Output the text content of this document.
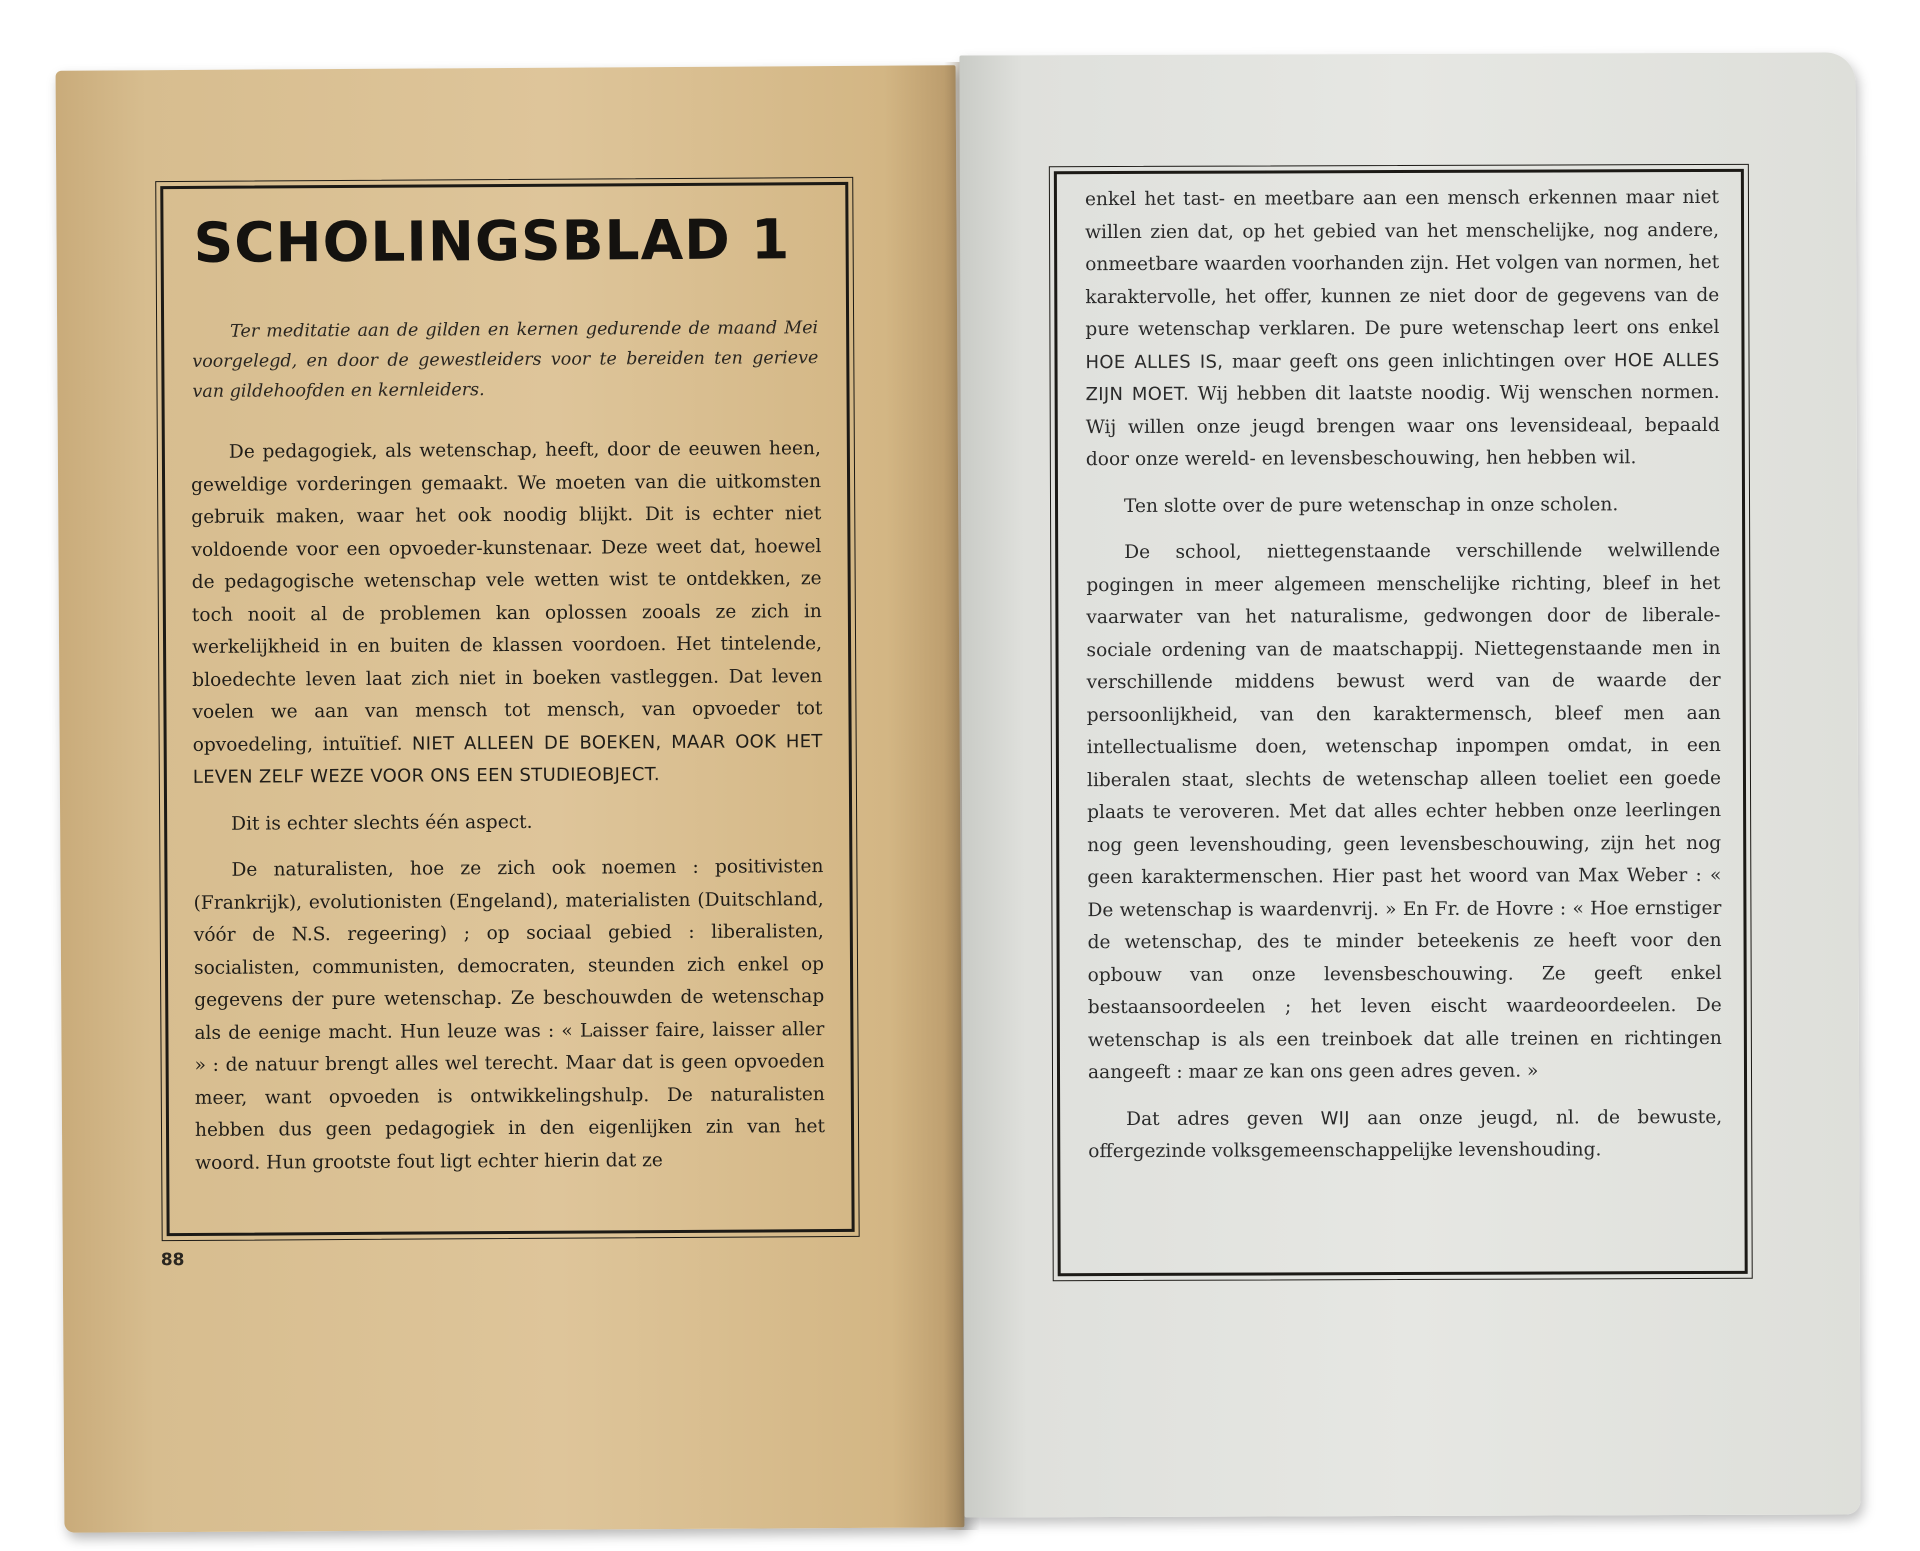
SCHOLINGSBLAD 1
Ter meditatie aan de gilden en kernen gedurende de maand Mei voorgelegd, en door de gewestleiders voor te bereiden ten gerieve van gildehoofden en kernleiders.

De pedagogiek, als wetenschap, heeft, door de eeuwen heen, geweldige vorderingen gemaakt. We moeten van die uitkomsten gebruik maken, waar het ook noodig blijkt. Dit is echter niet voldoende voor een opvoeder-kunstenaar. Deze weet dat, hoewel de pedagogische wetenschap vele wetten wist te ontdekken, ze toch nooit al de problemen kan oplossen zooals ze zich in werkelijkheid in en buiten de klassen voordoen. Het tintelende, bloedechte leven laat zich niet in boeken vastleggen. Dat leven voelen we aan van mensch tot mensch, van opvoeder tot opvoedeling, intuïtief. NIET ALLEEN DE BOEKEN, MAAR OOK HET LEVEN ZELF WEZE VOOR ONS EEN STUDIEOBJECT.

Dit is echter slechts één aspect.

De naturalisten, hoe ze zich ook noemen : positivisten (Frankrijk), evolutionisten (Engeland), materialisten (Duitschland, vóór de N.S. regeering) ; op sociaal gebied : liberalisten, socialisten, communisten, democraten, steunden zich enkel op gegevens der pure wetenschap. Ze beschouwden de wetenschap als de eenige macht. Hun leuze was : « Laisser faire, laisser aller » : de natuur brengt alles wel terecht. Maar dat is geen opvoeden meer, want opvoeden is ontwikkelingshulp. De naturalisten hebben dus geen pedagogiek in den eigenlijken zin van het woord. Hun grootste fout ligt echter hierin dat ze

88

enkel het tast- en meetbare aan een mensch erkennen maar niet willen zien dat, op het gebied van het menschelijke, nog andere, onmeetbare waarden voorhanden zijn. Het volgen van normen, het karaktervolle, het offer, kunnen ze niet door de gegevens van de pure wetenschap verklaren. De pure wetenschap leert ons enkel HOE ALLES IS, maar geeft ons geen inlichtingen over HOE ALLES ZIJN MOET. Wij hebben dit laatste noodig. Wij wenschen normen. Wij willen onze jeugd brengen waar ons levensideaal, bepaald door onze wereld- en levensbeschouwing, hen hebben wil.

Ten slotte over de pure wetenschap in onze scholen.

De school, niettegenstaande verschillende welwillende pogingen in meer algemeen menschelijke richting, bleef in het vaarwater van het naturalisme, gedwongen door de liberale-sociale ordening van de maatschappij. Niettegenstaande men in verschillende middens bewust werd van de waarde der persoonlijkheid, van den karaktermensch, bleef men aan intellectualisme doen, wetenschap inpompen omdat, in een liberalen staat, slechts de wetenschap alleen toeliet een goede plaats te veroveren. Met dat alles echter hebben onze leerlingen nog geen levenshouding, geen levensbeschouwing, zijn het nog geen karaktermenschen. Hier past het woord van Max Weber : « De wetenschap is waardenvrij. » En Fr. de Hovre : « Hoe ernstiger de wetenschap, des te minder beteekenis ze heeft voor den opbouw van onze levensbeschouwing. Ze geeft enkel bestaansoordeelen ; het leven eischt waardeoordeelen. De wetenschap is als een treinboek dat alle treinen en richtingen aangeeft : maar ze kan ons geen adres geven. »

Dat adres geven WIJ aan onze jeugd, nl. de bewuste, offergezinde volksgemeenschappelijke levenshouding.
